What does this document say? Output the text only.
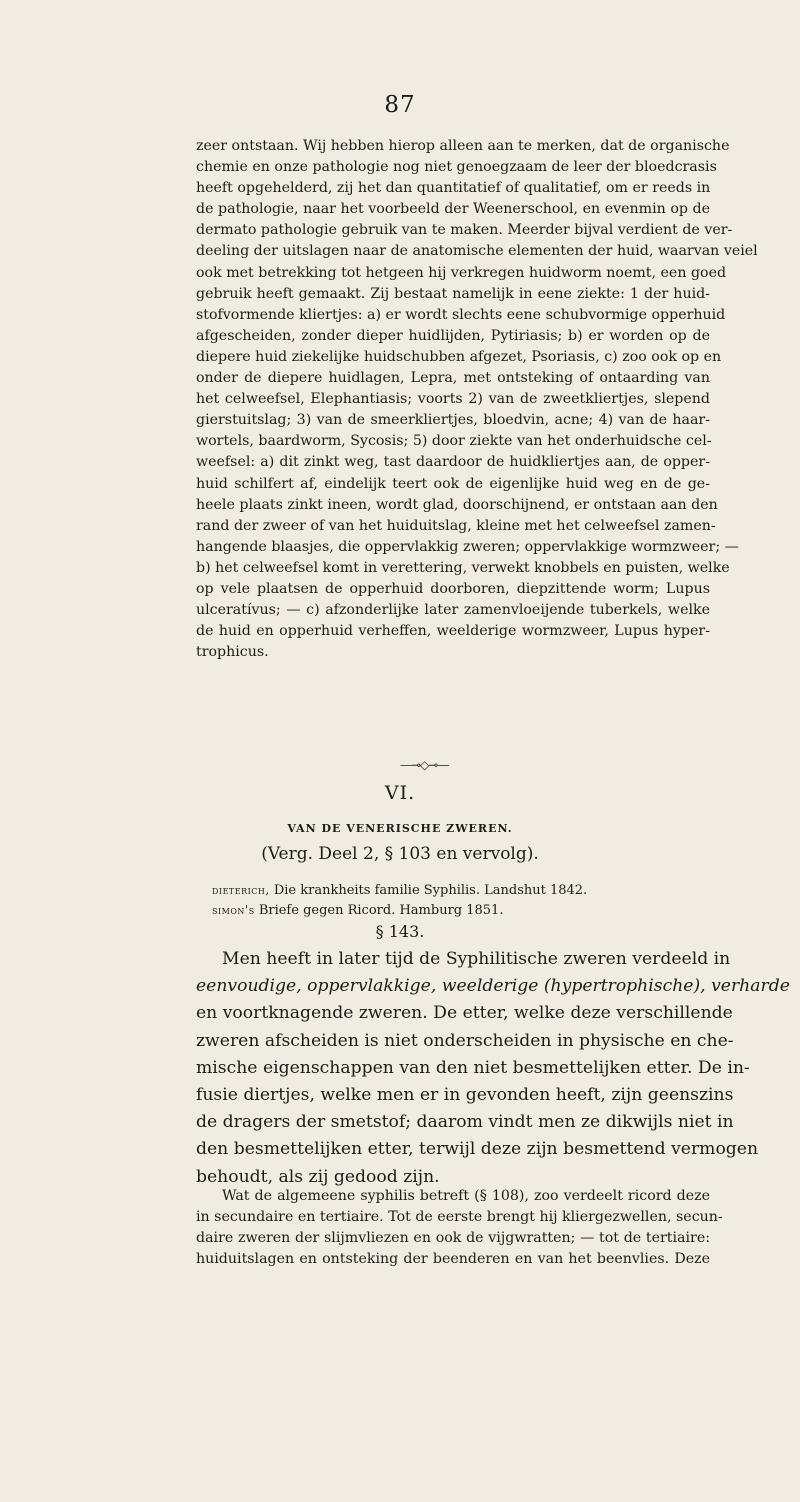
87

zeer ontstaan. Wij hebben hierop alleen aan te merken, dat de organische
chemie en onze pathologie nog niet genoegzaam de leer der bloedcrasis
heeft opgehelderd, zij het dan quantitatief of qualitatief, om er reeds in
de pathologie, naar het voorbeeld der Weenerschool, en evenmin op de
dermato pathologie gebruik van te maken. Meerder bijval verdient de ver-
deeling der uitslagen naar de anatomische elementen der huid, waarvan veiel
ook met betrekking tot hetgeen hij verkregen huidworm noemt, een goed
gebruik heeft gemaakt. Zij bestaat namelijk in eene ziekte: 1 der huid-
stofvormende kliertjes: a) er wordt slechts eene schubvormige opperhuid
afgescheiden, zonder dieper huidlijden, Pytiriasis; b) er worden op de
diepere huid ziekelijke huidschubben afgezet, Psoriasis, c) zoo ook op en
onder de diepere huidlagen, Lepra, met ontsteking of ontaarding van
het celweefsel, Elephantiasis; voorts 2) van de zweetkliertjes, slepend
gierstuitslag; 3) van de smeerkliertjes, bloedvin, acne; 4) van de haar-
wortels, baardworm, Sycosis; 5) door ziekte van het onderhuidsche cel-
weefsel: a) dit zinkt weg, tast daardoor de huidkliertjes aan, de opper-
huid schilfert af, eindelijk teert ook de eigenlijke huid weg en de ge-
heele plaats zinkt ineen, wordt glad, doorschijnend, er ontstaan aan den
rand der zweer of van het huiduitslag, kleine met het celweefsel zamen-
hangende blaasjes, die oppervlakkig zweren; oppervlakkige wormzweer; —
b) het celweefsel komt in verettering, verwekt knobbels en puisten, welke
op vele plaatsen de opperhuid doorboren, diepzittende worm; Lupus
ulceratívus; — c) afzonderlijke later zamenvloeijende tuberkels, welke
de huid en opperhuid verheffen, weelderige wormzweer, Lupus hyper-
trophicus.

—⊸◇⊸—
VI.
VAN DE VENERISCHE ZWEREN.
(Verg. Deel 2, § 103 en vervolg).
dieterich, Die krankheits familie Syphilis. Landshut 1842.
simon's Briefe gegen Ricord. Hamburg 1851.
§ 143.

Men heeft in later tijd de Syphilitische zweren verdeeld in
eenvoudige, oppervlakkige, weelderige (hypertrophische), verharde
en voortknagende zweren. De etter, welke deze verschillende
zweren afscheiden is niet onderscheiden in physische en che-
mische eigenschappen van den niet besmettelijken etter. De in-
fusie diertjes, welke men er in gevonden heeft, zijn geenszins
de dragers der smetstof; daarom vindt men ze dikwijls niet in
den besmettelijken etter, terwijl deze zijn besmettend vermogen
behoudt, als zij gedood zijn.

Wat de algemeene syphilis betreft (§ 108), zoo verdeelt ricord deze
in secundaire en tertiaire. Tot de eerste brengt hij kliergezwellen, secun-
daire zweren der slijmvliezen en ook de vijgwratten; — tot de tertiaire:
huiduitslagen en ontsteking der beenderen en van het beenvlies. Deze
